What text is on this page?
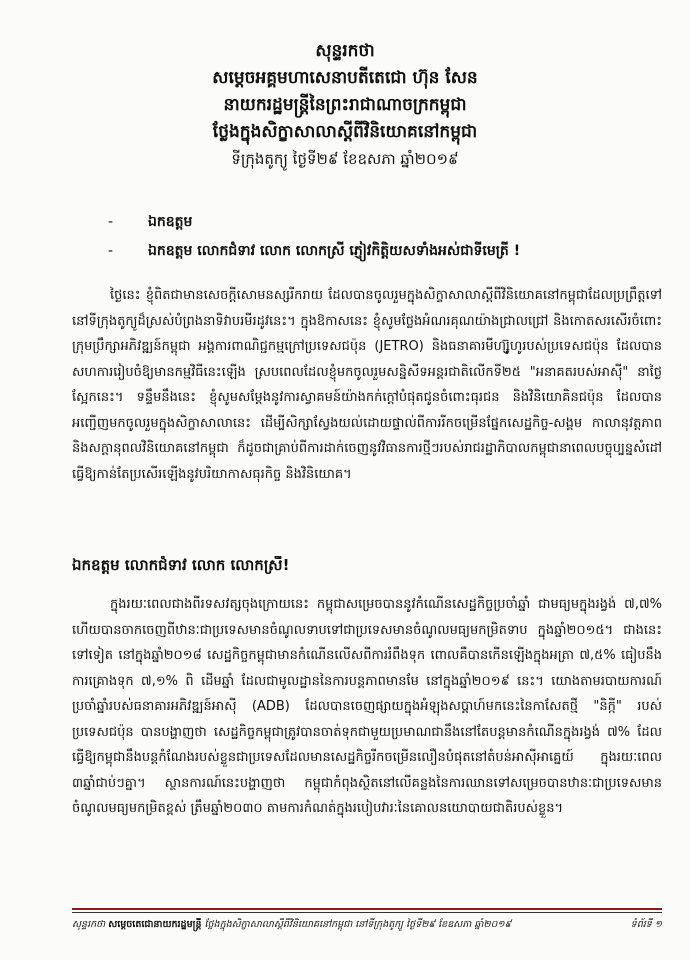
សុន្ទរកថា
សម្តេចអគ្គមហាសេនាបតីតេជោ ហ៊ុន សែន
នាយករដ្ឋមន្រ្តីនៃព្រះរាជាណាចក្រកម្ពុជា
ថ្លែងក្នុងសិក្ខាសាលាស្តីពីវិនិយោគនៅកម្ពុជា
ទីក្រុងតូក្យូ ថ្ងៃទី២៩ ខែឧសភា ឆ្នាំ២០១៩
- ឯកឧត្តម
- ឯកឧត្តម លោកជំទាវ លោក លោកស្រី ភ្ញៀវកិត្តិយសទាំងអស់ជាទីមេត្រី !
ថ្ងៃនេះ ខ្ញុំពិតជាមានសេចក្តីសោមនស្សរីករាយ ដែលបានចូលរួមក្នុងសិក្ខាសាលាស្តីពីវិនិយោគនៅកម្ពុជាដែលប្រព្រឹត្តទៅនៅទីក្រុងតូក្យូដ៏ស្រស់បំព្រងនាទិវាបរមីរដូវនេះ។ ក្នុងឱកាសនេះ ខ្ញុំសូមថ្លែងអំណរគុណយ៉ាងជ្រាលជ្រៅ និងកោតសរសើរចំពោះក្រុមប្រឹក្សាអភិវឌ្ឍន៍កម្ពុជា អង្គការពាណិជ្ជកម្មក្រៅប្រទេសជប៉ុន (JETRO) និងធនាគារមីហ្ស៊ូហូរបស់ប្រទេសជប៉ុន ដែលបានសហការរៀបចំឱ្យមានកម្មវិធីនេះឡើង ស្របពេលដែលខ្ញុំមកចូលរួមសន្និសីទអន្តរជាតិលើកទី២៥ "អនាគតរបស់អាស៊ី" នាថ្ងៃស្អែកនេះ។ ទន្ទឹមនឹងនេះ ខ្ញុំសូមសម្តែងនូវការស្វាគមន៍យ៉ាងកក់ក្តៅបំផុតជូនចំពោះធុរជន និងវិនិយោគិនជប៉ុន ដែលបានអញ្ជើញមកចូលរួមក្នុងសិក្ខាសាលានេះ ដើម្បីសិក្សាស្វែងយល់ដោយផ្ទាល់ពីការរីកចម្រើនផ្នែកសេដ្ឋកិច្ច-សង្គម កាលានុវត្តភាព និងសក្តានុពលវិនិយោគនៅកម្ពុជា ក៏ដូចជាគ្រាប់ពីការដាក់ចេញនូវវិធានការថ្មីៗរបស់រាជរដ្ឋាភិបាលកម្ពុជានាពេលបច្ចុប្បន្នសំដៅធ្វើឱ្យកាន់តែប្រសើរឡើងនូវបរិយាកាសធុរកិច្ច និងវិនិយោគ។
ឯកឧត្តម លោកជំទាវ លោក លោកស្រី!
ក្នុងរយៈពេលជាងពីរទសវត្សចុងក្រោយនេះ កម្ពុជាសម្រេចបាននូវកំណើនសេដ្ឋកិច្ចប្រចាំឆ្នាំ ជាមធ្យមក្នុងរង្វង់ ៧,៧% ហើយបានចាកចេញពីឋានៈជាប្រទេសមានចំណូលទាបទៅជាប្រទេសមានចំណូលមធ្យមកម្រិតទាប ក្នុងឆ្នាំ២០១៥។ ជាងនេះទៅទៀត នៅក្នុងឆ្នាំ២០១៨ សេដ្ឋកិច្ចកម្ពុជាមានកំណើនលើសពីការរំពឹងទុក ពោលគឺបានកើនឡើងក្នុងអត្រា ៧,៥% ធៀបនឹងការគ្រោងទុក ៧,១% ពិ ដើមឆ្នាំ ដែលជាមូលដ្ឋាននៃការបន្តភាពមានមែ នៅក្នុងឆ្នាំ២០១៩ នេះ។ យោងតាមរបាយការណ៍ប្រចាំឆ្នាំរបស់ធនាគារអភិវឌ្ឍន៍អាស៊ី (ADB) ដែលបានចេញផ្សាយក្នុងអំឡុងសប្តាហ៍មកនេះនៃកាសែតថ្មី "និក្កី" របស់ប្រទេសជប៉ុន បានបង្ហាញថា សេដ្ឋកិច្ចកម្ពុជាត្រូវបានចាត់ទុកជាមួយប្រមាណជានឹងនៅតែបន្តមានកំណើនក្នុងរង្វង់ ៧% ដែលធ្វើឱ្យកម្ពុជានឹងបន្តកំណែងរបស់ខ្លួនជាប្រទេសដែលមានសេដ្ឋកិច្ចរីកចម្រើនលឿនបំផុតនៅតំបន់អាស៊ីអាគ្នេយ៍ ក្នុងរយៈពេល ៣ឆ្នាំជាប់ៗគ្នា។ ស្ថានការណ៍នេះបង្ហាញថា កម្ពុជាកំពុងស្ថិតនៅលើគន្លងនៃការឈានទៅសម្រេចបានឋានៈជាប្រទេសមានចំណូលមធ្យមកម្រិតខ្ពស់ ត្រឹមឆ្នាំ២០៣០ តាមការកំណត់ក្នុងរបៀបវារៈនៃគោលនយោបាយជាតិរបស់ខ្លួន។
សុន្ទរកថា សម្តេចតេជោនាយករដ្ឋមន្ត្រី ថ្លែងក្នុងសិក្ខាសាលាស្តីពីវិនិយោគនៅកម្ពុជា នៅទីក្រុងតូក្យូ ថ្ងៃទី២៩ ខែឧសភា ឆ្នាំ២០១៩	ទំព័រទី ១
